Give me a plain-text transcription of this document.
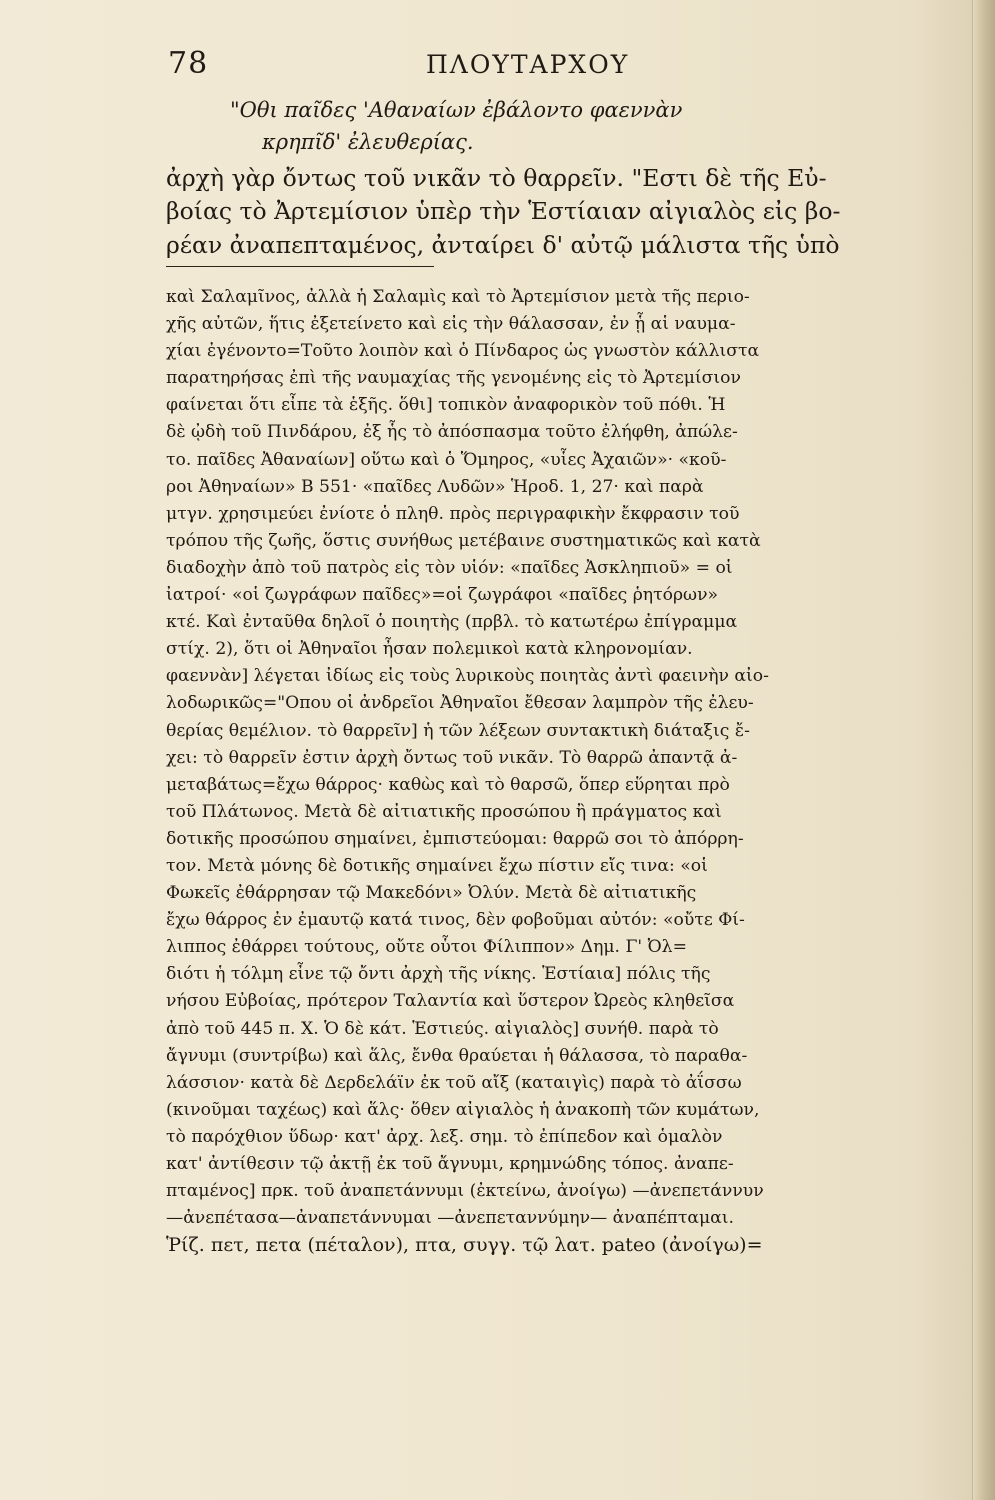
78	ΠΛΟΥΤΑΡΧΟΥ
"Οθι παῖδες 'Αθαναίων ἐβάλοντο φαεννὰν
κρηπῖδ' ἐλευθερίας.
ἀρχὴ γὰρ ὄντως τοῦ νικᾶν τὸ θαρρεῖν. "Εστι δὲ τῆς Εὐ-
βοίας τὸ Ἀρτεμίσιον ὑπὲρ τὴν Ἑστίαιαν αἰγιαλὸς εἰς βο-
ρέαν ἀναπεπταμένος, ἀνταίρει δ' αὐτῷ μάλιστα τῆς ὑπὸ
καὶ Σαλαμῖνος, ἀλλὰ ἡ Σαλαμὶς καὶ τὸ Ἀρτεμίσιον μετὰ τῆς περιο-
χῆς αὐτῶν, ἥτις ἐξετείνετο καὶ εἰς τὴν θάλασσαν, ἐν ᾗ αἱ ναυμα-
χίαι ἐγένοντο=Τοῦτο λοιπὸν καὶ ὁ Πίνδαρος ὡς γνωστὸν κάλλιστα
παρατηρήσας ἐπὶ τῆς ναυμαχίας τῆς γενομένης εἰς τὸ Ἀρτεμίσιον
φαίνεται ὅτι εἶπε τὰ ἑξῆς. ὅθι] τοπικὸν ἀναφορικὸν τοῦ πόθι. Ἡ
δὲ ᾠδὴ τοῦ Πινδάρου, ἐξ ἧς τὸ ἀπόσπασμα τοῦτο ἐλήφθη, ἀπώλε-
το. παῖδες Ἀθαναίων] οὕτω καὶ ὁ Ὅμηρος, «υἷες Ἀχαιῶν»· «κοῦ-
ροι Ἀθηναίων» Β 551· «παῖδες Λυδῶν» Ἡροδ. 1, 27· καὶ παρὰ
μτγν. χρησιμεύει ἐνίοτε ὁ πληθ. πρὸς περιγραφικὴν ἔκφρασιν τοῦ
τρόπου τῆς ζωῆς, ὅστις συνήθως μετέβαινε συστηματικῶς καὶ κατὰ
διαδοχὴν ἀπὸ τοῦ πατρὸς εἰς τὸν υἱόν: «παῖδες Ἀσκληπιοῦ» = οἱ
ἰατροί· «οἱ ζωγράφων παῖδες»=οἱ ζωγράφοι «παῖδες ῥητόρων»
κτέ. Καὶ ἐνταῦθα δηλοῖ ὁ ποιητὴς (πρβλ. τὸ κατωτέρω ἐπίγραμμα
στίχ. 2), ὅτι οἱ Ἀθηναῖοι ἦσαν πολεμικοὶ κατὰ κληρονομίαν.
φαεννὰν] λέγεται ἰδίως εἰς τοὺς λυρικοὺς ποιητὰς ἀντὶ φαεινὴν αἰο-
λοδωρικῶς="Οπου οἱ ἀνδρεῖοι Ἀθηναῖοι ἔθεσαν λαμπρὸν τῆς ἐλευ-
θερίας θεμέλιον. τὸ θαρρεῖν] ἡ τῶν λέξεων συντακτικὴ διάταξις ἔ-
χει: τὸ θαρρεῖν ἐστιν ἀρχὴ ὄντως τοῦ νικᾶν. Τὸ θαρρῶ ἀπαντᾷ ἀ-
μεταβάτως=ἔχω θάρρος· καθὼς καὶ τὸ θαρσῶ, ὅπερ εὕρηται πρὸ
τοῦ Πλάτωνος. Μετὰ δὲ αἰτιατικῆς προσώπου ἢ πράγματος καὶ
δοτικῆς προσώπου σημαίνει, ἐμπιστεύομαι: θαρρῶ σοι τὸ ἀπόρρη-
τον. Μετὰ μόνης δὲ δοτικῆς σημαίνει ἔχω πίστιν εἴς τινα: «οἱ
Φωκεῖς ἐθάρρησαν τῷ Μακεδόνι» Ὀλύν. Μετὰ δὲ αἰτιατικῆς
ἔχω θάρρος ἐν ἐμαυτῷ κατά τινος, δὲν φοβοῦμαι αὐτόν: «οὔτε Φί-
λιππος ἐθάρρει τούτους, οὔτε οὗτοι Φίλιππον» Δημ. Γ' Ὀλ=
διότι ἡ τόλμη εἶνε τῷ ὄντι ἀρχὴ τῆς νίκης. Ἑστίαια] πόλις τῆς
νήσου Εὐβοίας, πρότερον Ταλαντία καὶ ὕστερον Ὠρεὸς κληθεῖσα
ἀπὸ τοῦ 445 π. Χ. Ὁ δὲ κάτ. Ἑστιεύς. αἰγιαλὸς] συνήθ. παρὰ τὸ
ἄγνυμι (συντρίβω) καὶ ἅλς, ἔνθα θραύεται ἡ θάλασσα, τὸ παραθα-
λάσσιον· κατὰ δὲ Δερδελάϊν ἐκ τοῦ αἴξ (καταιγὶς) παρὰ τὸ ἀΐσσω
(κινοῦμαι ταχέως) καὶ ἅλς· ὅθεν αἰγιαλὸς ἡ ἀνακοπὴ τῶν κυμάτων,
τὸ παρόχθιον ὕδωρ· κατ' ἀρχ. λεξ. σημ. τὸ ἐπίπεδον καὶ ὁμαλὸν
κατ' ἀντίθεσιν τῷ ἀκτῇ ἐκ τοῦ ἄγνυμι, κρημνώδης τόπος. ἀναπε-
πταμένος] πρκ. τοῦ ἀναπετάννυμι (ἐκτείνω, ἀνοίγω) —ἀνεπετάννυν
—ἀνεπέτασα—ἀναπετάννυμαι —ἀνεπεταννύμην— ἀναπέπταμαι.
Ῥίζ. πετ, πετα (πέταλον), πτα, συγγ. τῷ λατ. pateo (ἀνοίγω)=
